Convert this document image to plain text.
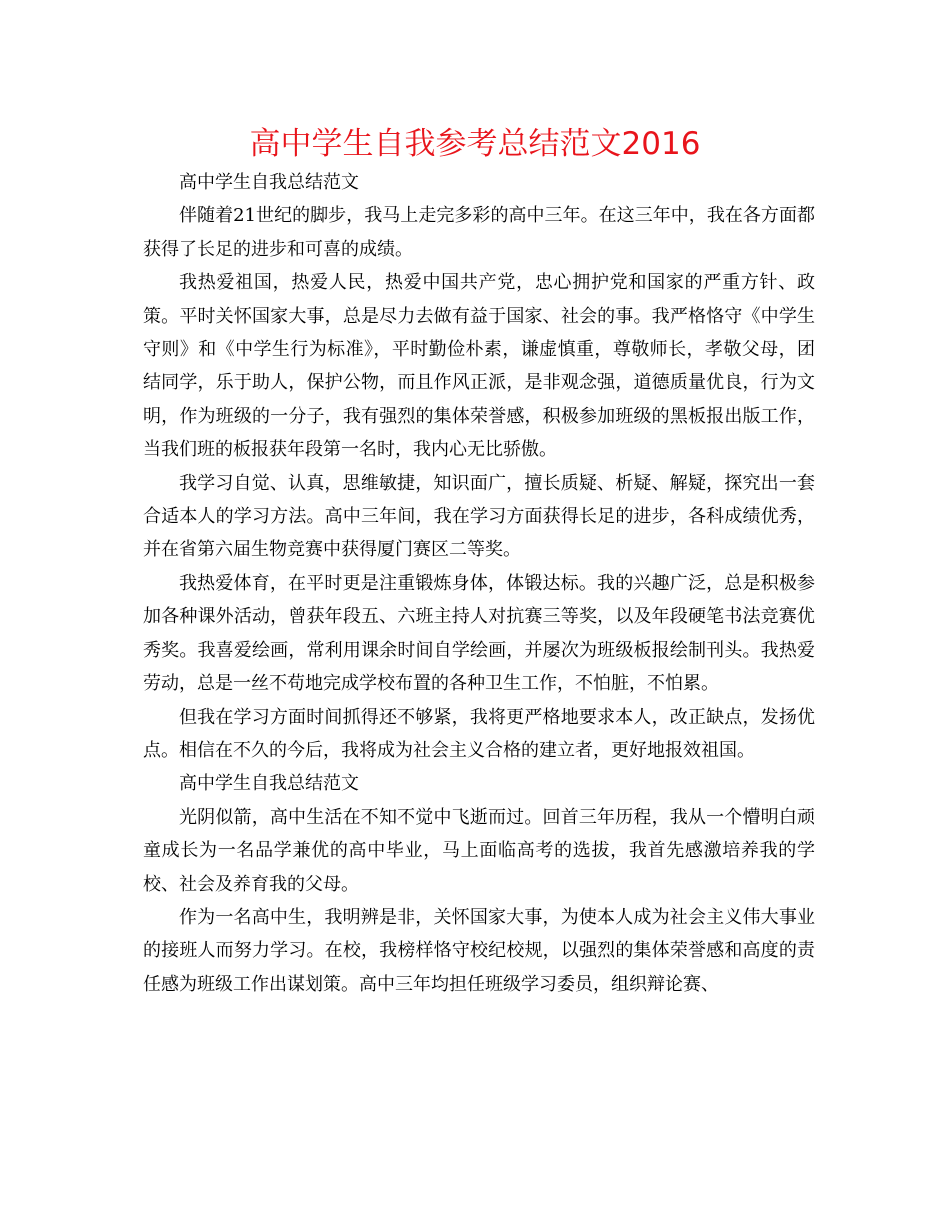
高中学生自我参考总结范文2016

高中学生自我总结范文

伴随着21世纪的脚步，我马上走完多彩的高中三年。在这三年中，我在各方面都获得了长足的进步和可喜的成绩。

我热爱祖国，热爱人民，热爱中国共产党，忠心拥护党和国家的严重方针、政策。平时关怀国家大事，总是尽力去做有益于国家、社会的事。我严格恪守《中学生守则》和《中学生行为标准》，平时勤俭朴素，谦虚慎重，尊敬师长，孝敬父母，团结同学，乐于助人，保护公物，而且作风正派，是非观念强，道德质量优良，行为文明，作为班级的一分子，我有强烈的集体荣誉感，积极参加班级的黑板报出版工作，当我们班的板报获年段第一名时，我内心无比骄傲。

我学习自觉、认真，思维敏捷，知识面广，擅长质疑、析疑、解疑，探究出一套合适本人的学习方法。高中三年间，我在学习方面获得长足的进步，各科成绩优秀，并在省第六届生物竞赛中获得厦门赛区二等奖。

我热爱体育，在平时更是注重锻炼身体，体锻达标。我的兴趣广泛，总是积极参加各种课外活动，曾获年段五、六班主持人对抗赛三等奖，以及年段硬笔书法竞赛优秀奖。我喜爱绘画，常利用课余时间自学绘画，并屡次为班级板报绘制刊头。我热爱劳动，总是一丝不苟地完成学校布置的各种卫生工作，不怕脏，不怕累。

但我在学习方面时间抓得还不够紧，我将更严格地要求本人，改正缺点，发扬优点。相信在不久的今后，我将成为社会主义合格的建立者，更好地报效祖国。

高中学生自我总结范文

光阴似箭，高中生活在不知不觉中飞逝而过。回首三年历程，我从一个懵明白顽童成长为一名品学兼优的高中毕业，马上面临高考的选拔，我首先感激培养我的学校、社会及养育我的父母。

作为一名高中生，我明辨是非，关怀国家大事，为使本人成为社会主义伟大事业的接班人而努力学习。在校，我榜样恪守校纪校规，以强烈的集体荣誉感和高度的责任感为班级工作出谋划策。高中三年均担任班级学习委员，组织辩论赛、
